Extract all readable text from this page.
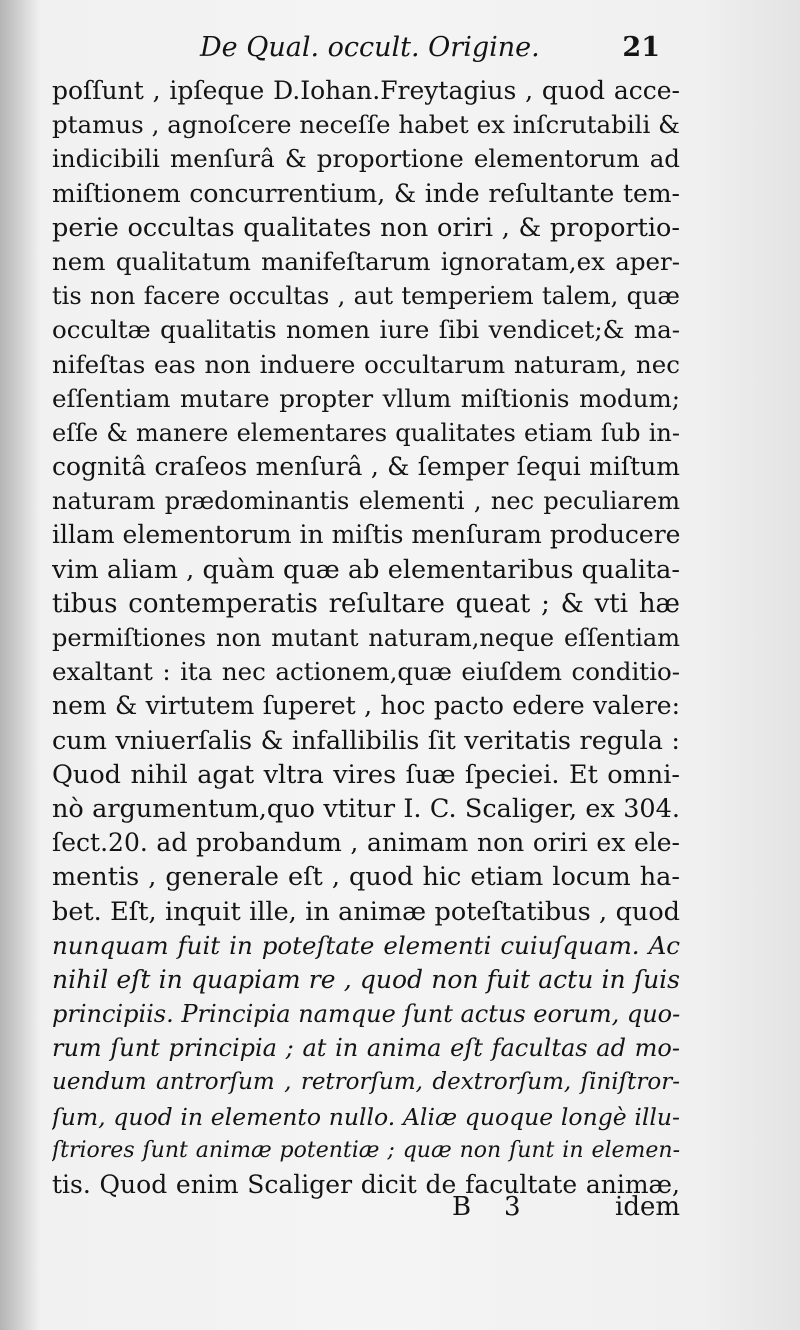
De Qual. occult. Origine.	21
poſſunt , ipſeque D.Iohan.Freytagius , quod acce-
ptamus , agnoſcere neceſſe habet ex inſcrutabili &
indicibili menſurâ & proportione elementorum ad
miſtionem concurrentium, & inde reſultante tem-
perie occultas qualitates non oriri , & proportio-
nem qualitatum manifeſtarum ignoratam,ex aper-
tis non facere occultas , aut temperiem talem, quæ
occultæ qualitatis nomen iure ſibi vendicet;& ma-
nifeſtas eas non induere occultarum naturam, nec
eſſentiam mutare propter vllum miſtionis modum;
eſſe & manere elementares qualitates etiam ſub in-
cognitâ craſeos menſurâ , & ſemper ſequi miſtum
naturam prædominantis elementi , nec peculiarem
illam elementorum in miſtis menſuram producere
vim aliam , quàm quæ ab elementaribus qualita-
tibus contemperatis reſultare queat ; & vti hæ
permiſtiones non mutant naturam,neque eſſentiam
exaltant : ita nec actionem,quæ eiuſdem conditio-
nem & virtutem ſuperet , hoc pacto edere valere:
cum vniuerſalis & infallibilis ſit veritatis regula :
Quod nihil agat vltra vires ſuæ ſpeciei. Et omni-
nò argumentum,quo vtitur I. C. Scaliger, ex 304.
ſect.20. ad probandum , animam non oriri ex ele-
mentis , generale eſt , quod hic etiam locum ha-
bet. Eſt, inquit ille, in animæ poteſtatibus , quod
nunquam fuit in poteſtate elementi cuiuſquam. Ac
nihil eſt in quapiam re , quod non fuit actu in ſuis
principiis. Principia namque ſunt actus eorum, quo-
rum ſunt principia ; at in anima eſt facultas ad mo-
uendum antrorſum , retrorſum, dextrorſum, ſiniſtror-
ſum, quod in elemento nullo. Aliæ quoque longè illu-
ſtriores ſunt animæ potentiæ ; quæ non ſunt in elemen-
tis. Quod enim Scaliger dicit de facultate animæ,
B 3	idem
